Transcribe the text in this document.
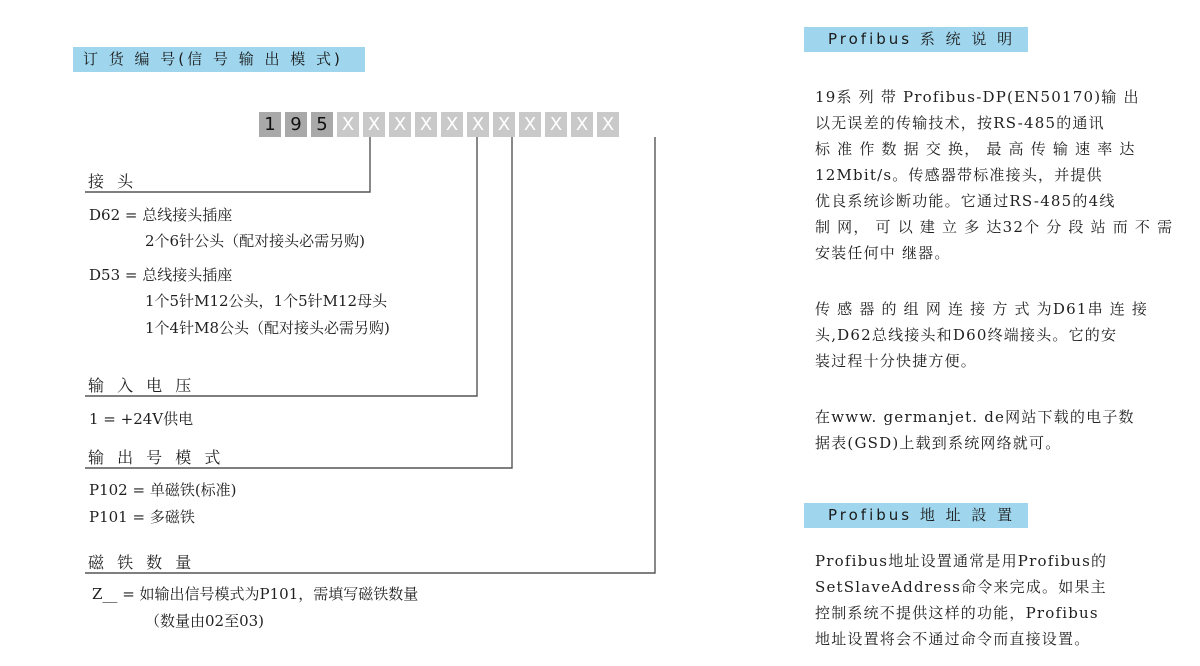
订 货 编 号(信 号 输 出 模 式)
1 9 5 X X X X X X X X X X X
接 头
D62 = 总线接头插座
2个6针公头（配对接头必需另购)
D53 = 总线接头插座
1个5针M12公头，1个5针M12母头
1个4针M8公头（配对接头必需另购)
输 入 电 压
1 = +24V供电
输 出 号 模 式
P102 = 单磁铁(标准)
P101 = 多磁铁
磁 铁 数 量
Z__ = 如输出信号模式为P101，需填写磁铁数量
（数量由02至03)
Profibus 系 统 说 明
19系 列 带 Profibus-DP(EN50170)输 出
以无误差的传输技术，按RS-485的通讯
标 准 作 数 据 交 换， 最 高 传 输 速 率 达
12Mbit/s。传感器带标准接头，并提供
优良系统诊断功能。它通过RS-485的4线
制 网， 可 以 建 立 多 达32个 分 段 站 而 不 需
安装任何中 继器。
传 感 器 的 组 网 连 接 方 式 为D61串 连 接
头,D62总线接头和D60终端接头。它的安
装过程十分快捷方便。
在www. germanjet. de网站下载的电子数
据表(GSD)上载到系统网络就可。
Profibus 地 址 設 置
Profibus地址设置通常是用Profibus的
SetSlaveAddress命令来完成。如果主
控制系统不提供这样的功能，Profibus
地址设置将会不通过命令而直接设置。
